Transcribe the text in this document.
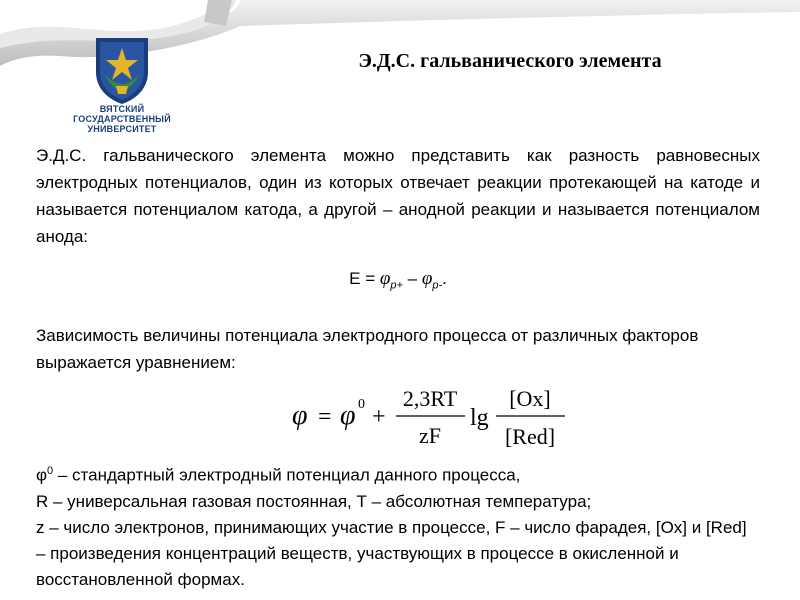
ВЯТСКИЙ
ГОСУДАРСТВЕННЫЙ
УНИВЕРСИТЕТ
Э.Д.С. гальванического элемента
Э.Д.С. гальванического элемента можно представить как разность равновесных электродных потенциалов, один из которых отвечает реакции протекающей на катоде и называется потенциалом катода, а другой – анодной реакции и называется потенциалом анода:
$E = \varphi_{p+} - \varphi_{p-}$.
Зависимость величины потенциала электродного процесса от различных факторов выражается уравнением:
φ = φ 0 +
2,3RT
zF
lg
[Ox]
[Red]
$\varphi^0$ – стандартный электродный потенциал данного процесса,
R – универсальная газовая постоянная, Т – абсолютная температура;
z – число электронов, принимающих участие в процессе, F – число фарадея, [Ox] и [Red] – произведения концентраций веществ, участвующих в процессе в окисленной и восстановленной формах.
